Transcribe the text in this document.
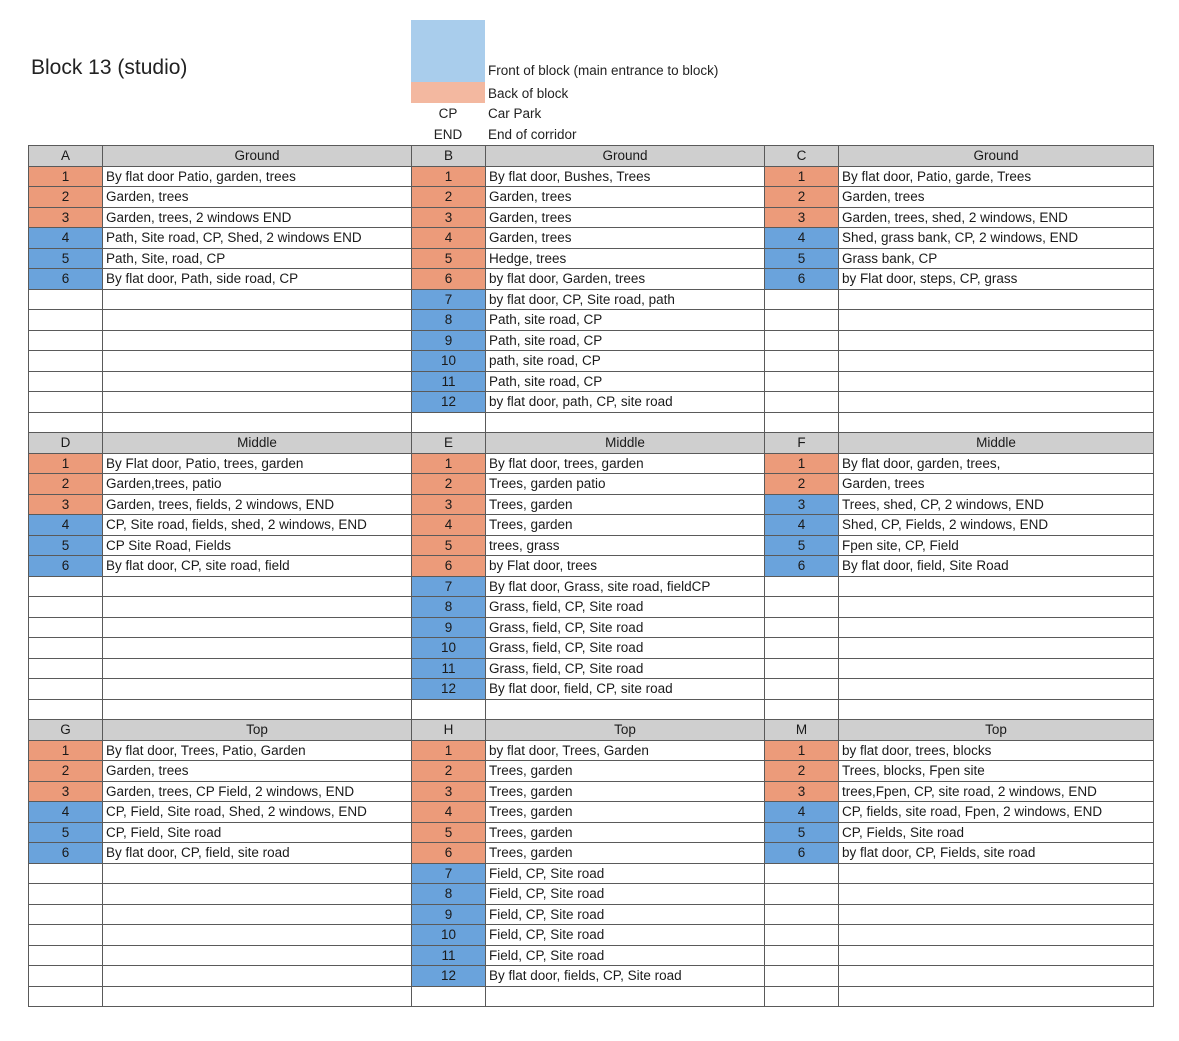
Block 13 (studio)	Front of block (main entrance to block)
Back of block
CP	Car Park
END	End of corridor
A	Ground	B	Ground	C	Ground
1	By flat door Patio, garden, trees	1	By flat door, Bushes, Trees	1	By flat door, Patio, garde, Trees
2	Garden, trees	2	Garden, trees	2	Garden, trees
3	Garden, trees, 2 windows END	3	Garden, trees	3	Garden, trees, shed, 2 windows, END
4	Path, Site road, CP, Shed, 2 windows END	4	Garden, trees	4	Shed, grass bank, CP, 2 windows, END
5	Path, Site, road, CP	5	Hedge, trees	5	Grass bank, CP
6	By flat door, Path, side road, CP	6	by flat door, Garden, trees	6	by Flat door, steps, CP, grass
		7	by flat door, CP, Site road, path		
		8	Path, site road, CP		
		9	Path, site road, CP		
		10	path, site road, CP		
		11	Path, site road, CP		
		12	by flat door, path, CP, site road		

D	Middle	E	Middle	F	Middle
1	By Flat door, Patio, trees, garden	1	By flat door, trees, garden	1	By flat door, garden, trees,
2	Garden,trees, patio	2	Trees, garden patio	2	Garden, trees
3	Garden, trees, fields, 2 windows, END	3	Trees, garden	3	Trees, shed, CP, 2 windows, END
4	CP, Site road, fields, shed, 2 windows, END	4	Trees, garden	4	Shed, CP, Fields, 2 windows, END
5	CP Site Road, Fields	5	trees, grass	5	Fpen site, CP, Field
6	By flat door, CP, site road, field	6	by Flat door, trees	6	By flat door, field, Site Road
		7	By flat door, Grass, site road, fieldCP		
		8	Grass, field, CP, Site road		
		9	Grass, field, CP, Site road		
		10	Grass, field, CP, Site road		
		11	Grass, field, CP, Site road		
		12	By flat door, field, CP, site road		

G	Top	H	Top	M	Top
1	By flat door, Trees, Patio, Garden	1	by flat door, Trees, Garden	1	by flat door, trees, blocks
2	Garden, trees	2	Trees, garden	2	Trees, blocks, Fpen site
3	Garden, trees, CP Field, 2 windows, END	3	Trees, garden	3	trees,Fpen, CP, site road, 2 windows, END
4	CP, Field, Site road, Shed, 2 windows, END	4	Trees, garden	4	CP, fields, site road, Fpen, 2 windows, END
5	CP, Field, Site road	5	Trees, garden	5	CP, Fields, Site road
6	By flat door, CP, field, site road	6	Trees, garden	6	by flat door, CP, Fields, site road
		7	Field, CP, Site road		
		8	Field, CP, Site road		
		9	Field, CP, Site road		
		10	Field, CP, Site road		
		11	Field, CP, Site road		
		12	By flat door, fields, CP, Site road		
